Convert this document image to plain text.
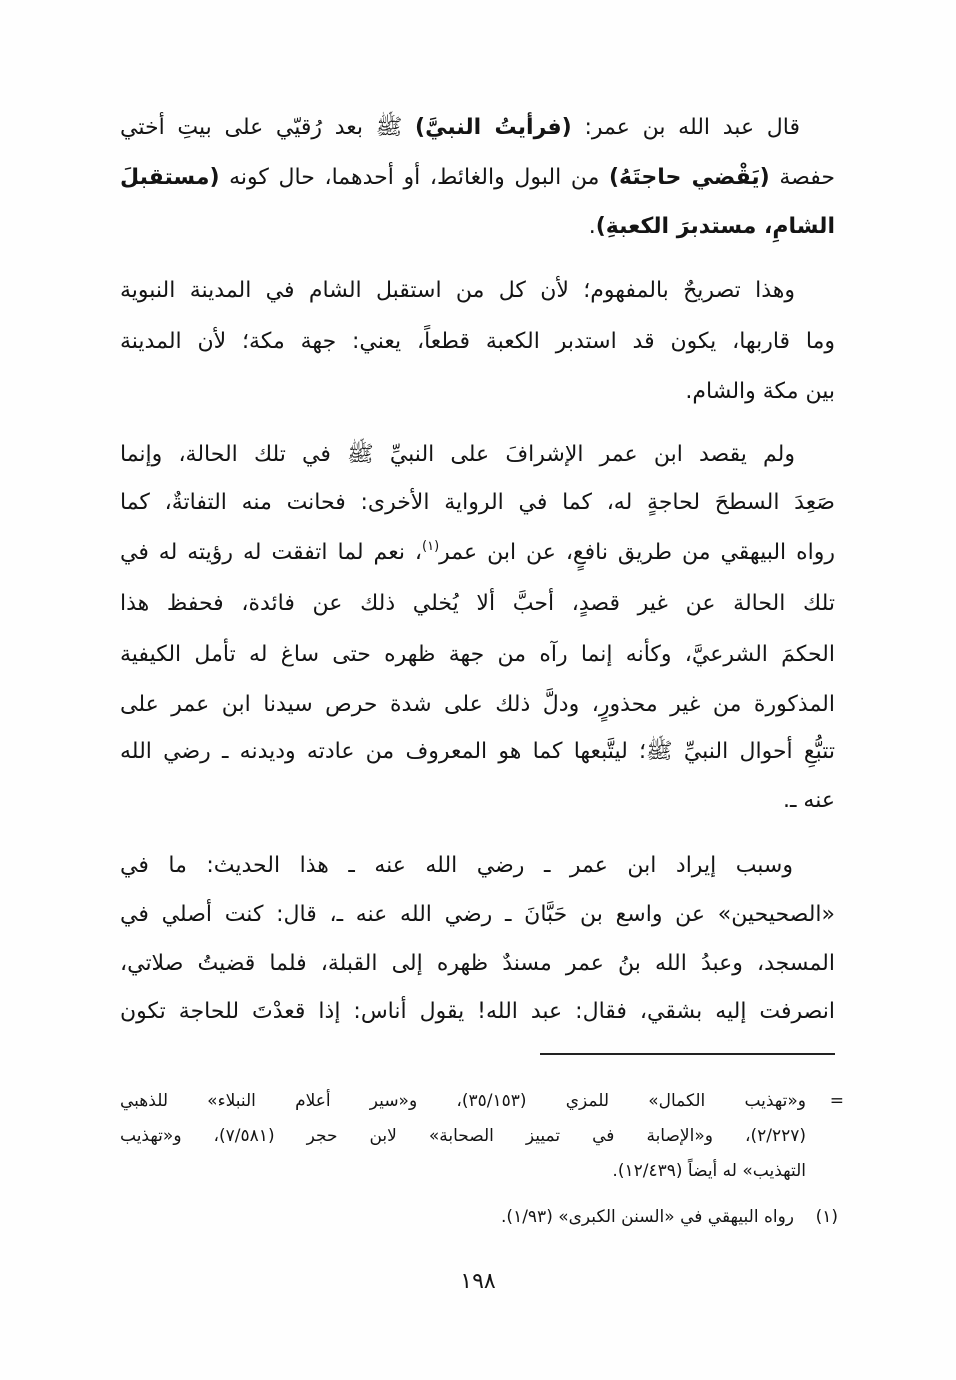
قال عبد الله بن عمر: (فرأيتُ النبيَّ) ﷺ بعد رُقيّي على بيتِ أختي
حفصة (يَقْضي حاجتَهُ) من البول والغائط، أو أحدهما، حال كونه (مستقبلَ
الشامِ، مستدبرَ الكعبةِ).
وهذا تصريحٌ بالمفهوم؛ لأن كل من استقبل الشام في المدينة النبوية
وما قاربها، يكون قد استدبر الكعبة قطعاً، يعني: جهة مكة؛ لأن المدينة
بين مكة والشام.
ولم يقصد ابن عمر الإشرافَ على النبيِّ ﷺ في تلك الحالة، وإنما
صَعِدَ السطحَ لحاجةٍ له، كما في الرواية الأخرى: فحانت منه التفاتةٌ، كما
رواه البيهقي من طريق نافعٍ، عن ابن عمر$^{(١)}$، نعم لما اتفقت له رؤيته له في
تلك الحالة عن غير قصدٍ، أحبَّ ألا يُخلي ذلك عن فائدة، فحفظ هذا
الحكمَ الشرعيَّ، وكأنه إنما رآه من جهة ظهره حتى ساغ له تأمل الكيفية
المذكورة من غير محذورٍ، ودلَّ ذلك على شدة حرص سيدنا ابن عمر على
تتبُّعِ أحوال النبيِّ ﷺ؛ ليتَّبعها كما هو المعروف من عادته وديدنه ـ رضي الله
عنه ـ.
وسبب إيراد ابن عمر ـ رضي الله عنه ـ هذا الحديث: ما في
«الصحيحين» عن واسع بن حَبَّانَ ـ رضي الله عنه ـ، قال: كنت أصلي في
المسجد، وعبدُ الله بنُ عمر مسندٌ ظهره إلى القبلة، فلما قضيتُ صلاتي،
انصرفت إليه بشقي، فقال: عبد الله! يقول أناس: إذا قعدْتَ للحاجة تكون
=
و«تهذيب الكمال» للمزي (٣٥/١٥٣)، و«سير أعلام النبلاء» للذهبي
(٢/٢٢٧)، و«الإصابة في تمييز الصحابة» لابن حجر (٧/٥٨١)، و«تهذيب
التهذيب» له أيضاً (١٢/٤٣٩).
(١)
رواه البيهقي في «السنن الكبرى» (١/٩٣).
١٩٨
